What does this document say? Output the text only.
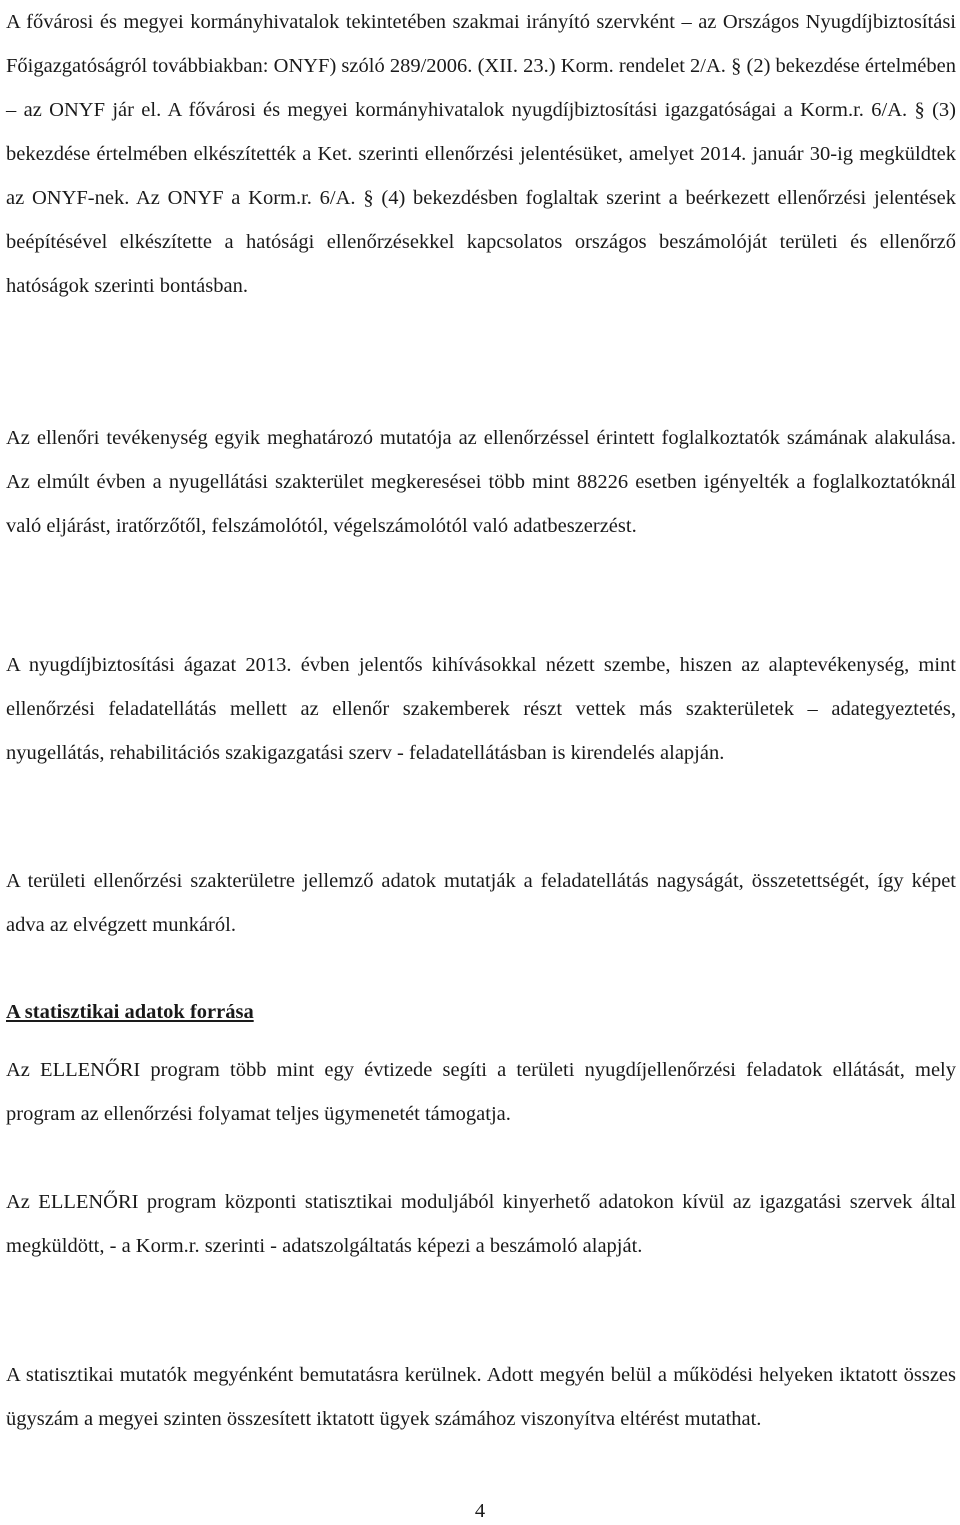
A fővárosi és megyei kormányhivatalok tekintetében szakmai irányító szervként – az Országos Nyugdíjbiztosítási Főigazgatóságról továbbiakban: ONYF) szóló 289/2006. (XII. 23.) Korm. rendelet 2/A. § (2) bekezdése értelmében – az ONYF jár el. A fővárosi és megyei kormányhivatalok nyugdíjbiztosítási igazgatóságai a Korm.r. 6/A. § (3) bekezdése értelmében elkészítették a Ket. szerinti ellenőrzési jelentésüket, amelyet 2014. január 30-ig megküldtek az ONYF-nek. Az ONYF a Korm.r. 6/A. § (4) bekezdésben foglaltak szerint a beérkezett ellenőrzési jelentések beépítésével elkészítette a hatósági ellenőrzésekkel kapcsolatos országos beszámolóját területi és ellenőrző hatóságok szerinti bontásban.

Az ellenőri tevékenység egyik meghatározó mutatója az ellenőrzéssel érintett foglalkoztatók számának alakulása. Az elmúlt évben a nyugellátási szakterület megkeresései több mint 88226 esetben igényelték a foglalkoztatóknál való eljárást, iratőrzőtől, felszámolótól, végelszámolótól való adatbeszerzést.

A nyugdíjbiztosítási ágazat 2013. évben jelentős kihívásokkal nézett szembe, hiszen az alaptevékenység, mint ellenőrzési feladatellátás mellett az ellenőr szakemberek részt vettek más szakterületek – adategyeztetés, nyugellátás, rehabilitációs szakigazgatási szerv - feladatellátásban is kirendelés alapján.

A területi ellenőrzési szakterületre jellemző adatok mutatják a feladatellátás nagyságát, összetettségét, így képet adva az elvégzett munkáról.

A statisztikai adatok forrása

Az ELLENŐRI program több mint egy évtizede segíti a területi nyugdíjellenőrzési feladatok ellátását, mely program az ellenőrzési folyamat teljes ügymenetét támogatja.

Az ELLENŐRI program központi statisztikai moduljából kinyerhető adatokon kívül az igazgatási szervek által megküldött, - a Korm.r. szerinti - adatszolgáltatás képezi a beszámoló alapját.

A statisztikai mutatók megyénként bemutatásra kerülnek. Adott megyén belül a működési helyeken iktatott összes ügyszám a megyei szinten összesített iktatott ügyek számához viszonyítva eltérést mutathat.

4
